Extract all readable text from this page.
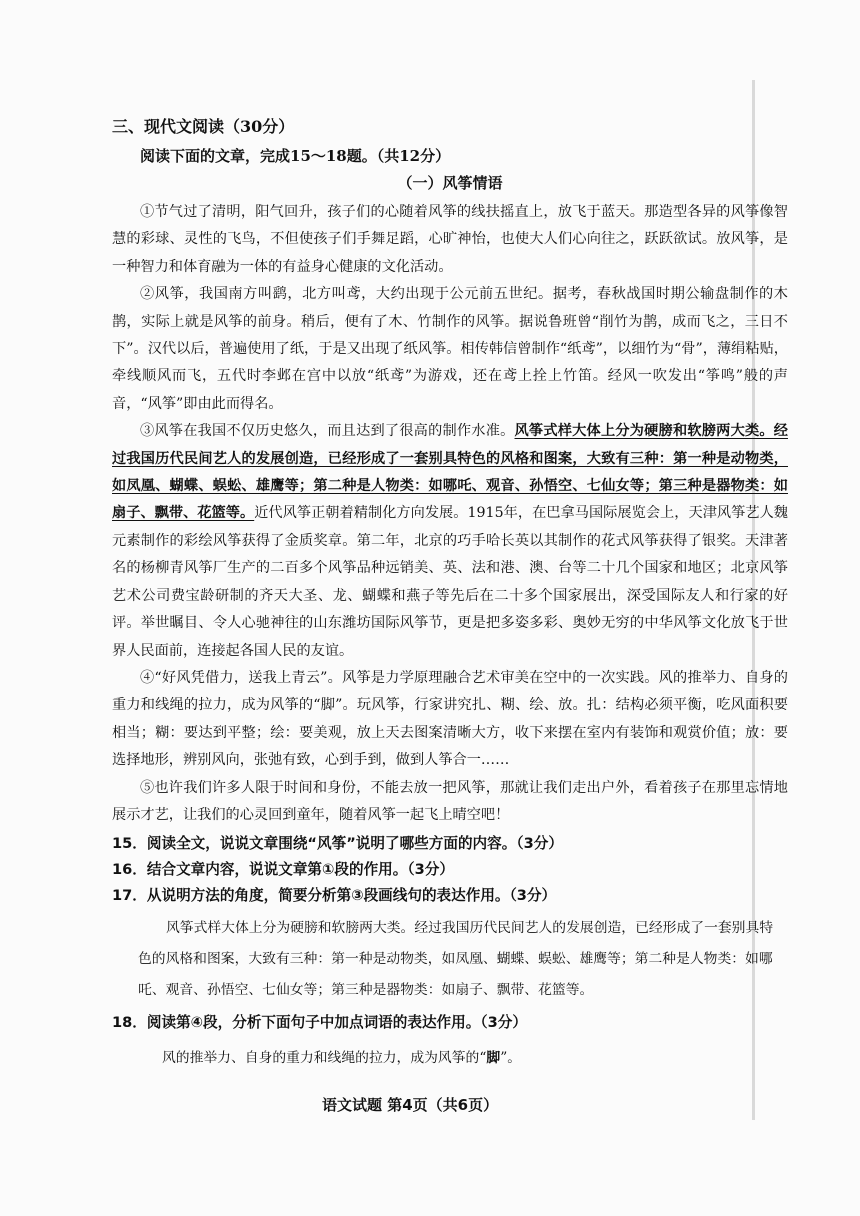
三、现代文阅读（30分）
阅读下面的文章，完成15～18题。（共12分）
（一）风筝情语

①节气过了清明，阳气回升，孩子们的心随着风筝的线扶摇直上，放飞于蓝天。那造型各异的风筝像智慧的彩球、灵性的飞鸟，不但使孩子们手舞足蹈，心旷神怡，也使大人们心向往之，跃跃欲试。放风筝，是一种智力和体育融为一体的有益身心健康的文化活动。

②风筝，我国南方叫鹞，北方叫鸢，大约出现于公元前五世纪。据考，春秋战国时期公输盘制作的木鹊，实际上就是风筝的前身。稍后，便有了木、竹制作的风筝。据说鲁班曾“削竹为鹊，成而飞之，三日不下”。汉代以后，普遍使用了纸，于是又出现了纸风筝。相传韩信曾制作“纸鸢”，以细竹为“骨”，薄绢粘贴，牵线顺风而飞，五代时李邺在宫中以放“纸鸢”为游戏，还在鸢上拴上竹笛。经风一吹发出“筝鸣”般的声音，“风筝”即由此而得名。

③风筝在我国不仅历史悠久，而且达到了很高的制作水准。风筝式样大体上分为硬膀和软膀两大类。经过我国历代民间艺人的发展创造，已经形成了一套别具特色的风格和图案，大致有三种：第一种是动物类，如凤凰、蝴蝶、蜈蚣、雄鹰等；第二种是人物类：如哪吒、观音、孙悟空、七仙女等；第三种是器物类：如扇子、飘带、花篮等。近代风筝正朝着精制化方向发展。1915年，在巴拿马国际展览会上，天津风筝艺人魏元素制作的彩绘风筝获得了金质奖章。第二年，北京的巧手哈长英以其制作的花式风筝获得了银奖。天津著名的杨柳青风筝厂生产的二百多个风筝品种远销美、英、法和港、澳、台等二十几个国家和地区；北京风筝艺术公司费宝龄研制的齐天大圣、龙、蝴蝶和燕子等先后在二十多个国家展出，深受国际友人和行家的好评。举世瞩目、令人心驰神往的山东潍坊国际风筝节，更是把多姿多彩、奥妙无穷的中华风筝文化放飞于世界人民面前，连接起各国人民的友谊。

④“好风凭借力，送我上青云”。风筝是力学原理融合艺术审美在空中的一次实践。风的推举力、自身的重力和线绳的拉力，成为风筝的“脚”。玩风筝，行家讲究扎、糊、绘、放。扎：结构必须平衡，吃风面积要相当；糊：要达到平整；绘：要美观，放上天去图案清晰大方，收下来摆在室内有装饰和观赏价值；放：要选择地形，辨别风向，张弛有致，心到手到，做到人筝合一……

⑤也许我们许多人限于时间和身份，不能去放一把风筝，那就让我们走出户外，看着孩子在那里忘情地展示才艺，让我们的心灵回到童年，随着风筝一起飞上晴空吧！

15．阅读全文，说说文章围绕“风筝”说明了哪些方面的内容。（3分）
16．结合文章内容，说说文章第①段的作用。（3分）
17．从说明方法的角度，简要分析第③段画线句的表达作用。（3分）
风筝式样大体上分为硬膀和软膀两大类。经过我国历代民间艺人的发展创造，已经形成了一套别具特色的风格和图案，大致有三种：第一种是动物类，如凤凰、蝴蝶、蜈蚣、雄鹰等；第二种是人物类：如哪吒、观音、孙悟空、七仙女等；第三种是器物类：如扇子、飘带、花篮等。
18．阅读第④段，分析下面句子中加点词语的表达作用。（3分）
风的推举力、自身的重力和线绳的拉力，成为风筝的“脚”。
语文试题 第4页（共6页）
